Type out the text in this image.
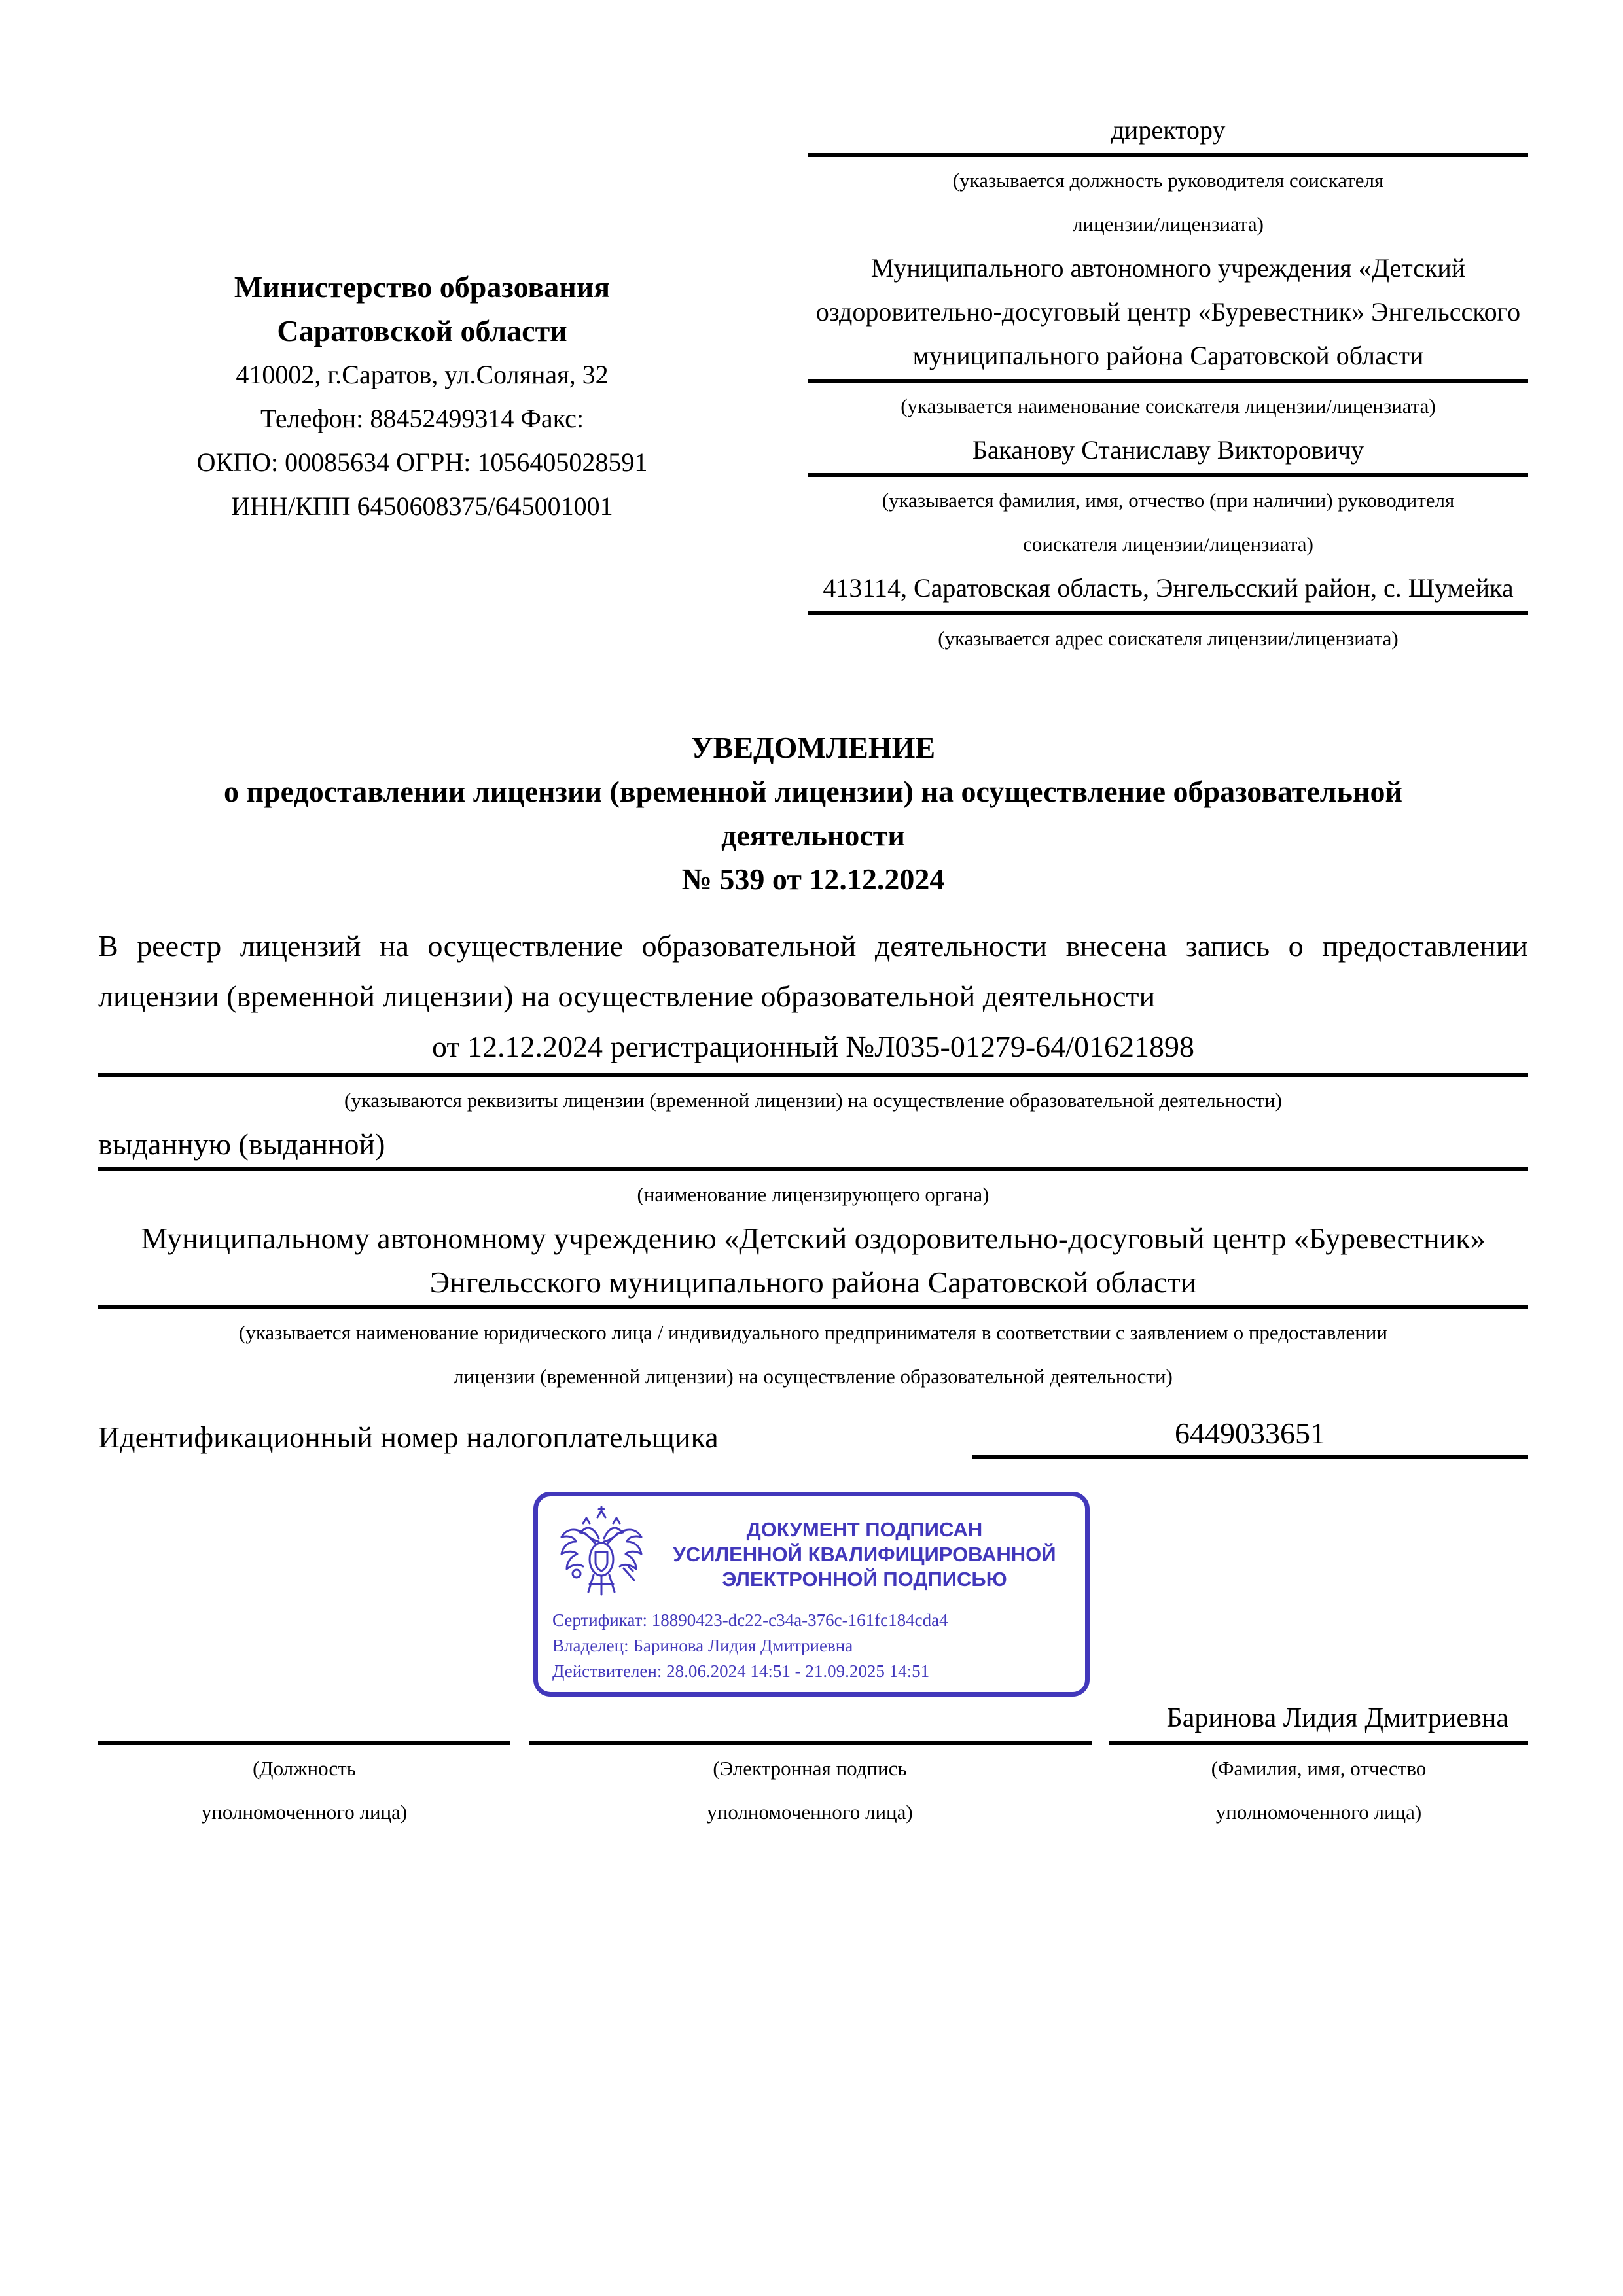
Министерство образования
Саратовской области
410002, г.Саратов, ул.Соляная, 32
Телефон: 88452499314 Факс:
ОКПО: 00085634 ОГРН: 1056405028591
ИНН/КПП 6450608375/645001001
директору
(указывается должность руководителя соискателя
лицензии/лицензиата)
Муниципального автономного учреждения «Детский оздоровительно-досуговый центр «Буревестник» Энгельсского муниципального района Саратовской области
(указывается наименование соискателя лицензии/лицензиата)
Баканову Станиславу Викторовичу
(указывается фамилия, имя, отчество (при наличии) руководителя
соискателя лицензии/лицензиата)
413114, Саратовская область, Энгельсский район, с. Шумейка
(указывается адрес соискателя лицензии/лицензиата)
УВЕДОМЛЕНИЕ
о предоставлении лицензии (временной лицензии) на осуществление образовательной деятельности
№ 539 от 12.12.2024
В реестр лицензий на осуществление образовательной деятельности внесена запись о предоставлении лицензии (временной лицензии) на осуществление образовательной деятельности
от 12.12.2024 регистрационный №Л035-01279-64/01621898
(указываются реквизиты лицензии (временной лицензии) на осуществление образовательной деятельности)
выданную (выданной)
(наименование лицензирующего органа)
Муниципальному автономному учреждению «Детский оздоровительно-досуговый центр «Буревестник» Энгельсского муниципального района Саратовской области
(указывается наименование юридического лица / индивидуального предпринимателя в соответствии с заявлением о предоставлении
лицензии (временной лицензии) на осуществление образовательной деятельности)
Идентификационный номер налогоплательщика	6449033651
ДОКУМЕНТ ПОДПИСАН
УСИЛЕННОЙ КВАЛИФИЦИРОВАННОЙ
ЭЛЕКТРОННОЙ ПОДПИСЬЮ
Сертификат: 18890423-dc22-c34a-376c-161fc184cda4
Владелец: Баринова Лидия Дмитриевна
Действителен: 28.06.2024 14:51 - 21.09.2025 14:51
Баринова Лидия Дмитриевна
(Должность
уполномоченного лица)
(Электронная подпись
уполномоченного лица)
(Фамилия, имя, отчество
уполномоченного лица)
